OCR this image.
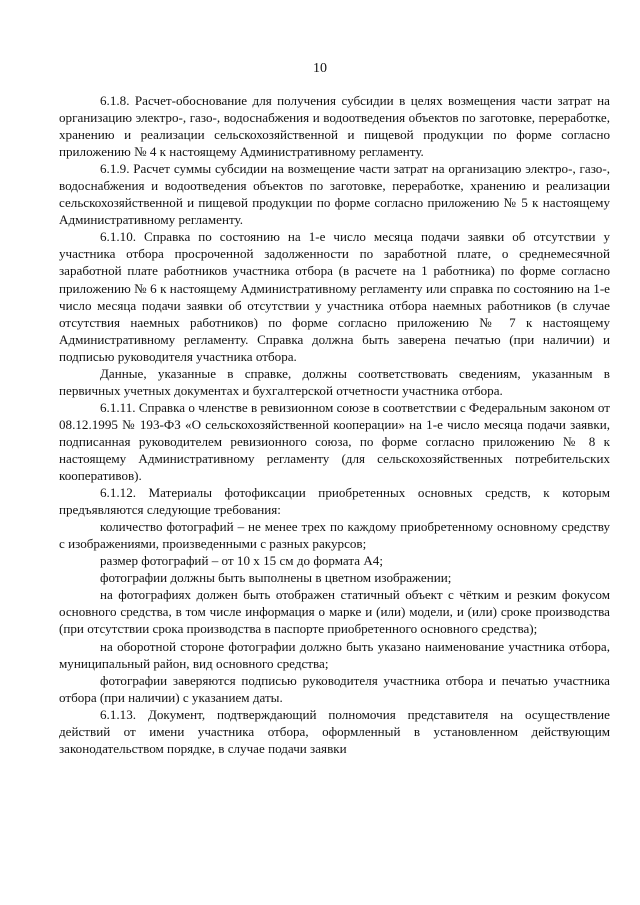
10

6.1.8. Расчет-обоснование для получения субсидии в целях возмещения части затрат на организацию электро-, газо-, водоснабжения и водоотведения объектов по заготовке, переработке, хранению и реализации сельскохозяйственной и пищевой продукции по форме согласно приложению № 4 к настоящему Административному регламенту.

6.1.9. Расчет суммы субсидии на возмещение части затрат на организацию электро-, газо-, водоснабжения и водоотведения объектов по заготовке, переработке, хранению и реализации сельскохозяйственной и пищевой продукции по форме согласно приложению № 5 к настоящему Административному регламенту.

6.1.10. Справка по состоянию на 1-е число месяца подачи заявки об отсутствии у участника отбора просроченной задолженности по заработной плате, о среднемесячной заработной плате работников участника отбора (в расчете на 1 работника) по форме согласно приложению № 6 к настоящему Административному регламенту или справка по состоянию на 1-е число месяца подачи заявки об отсутствии у участника отбора наемных работников (в случае отсутствия наемных работников) по форме согласно приложению № 7 к настоящему Административному регламенту. Справка должна быть заверена печатью (при наличии) и подписью руководителя участника отбора.

Данные, указанные в справке, должны соответствовать сведениям, указанным в первичных учетных документах и бухгалтерской отчетности участника отбора.

6.1.11. Справка о членстве в ревизионном союзе в соответствии с Федеральным законом от 08.12.1995 № 193-ФЗ «О сельскохозяйственной кооперации» на 1-е число месяца подачи заявки, подписанная руководителем ревизионного союза, по форме согласно приложению № 8 к настоящему Административному регламенту (для сельскохозяйственных потребительских кооперативов).

6.1.12. Материалы фотофиксации приобретенных основных средств, к которым предъявляются следующие требования:

количество фотографий – не менее трех по каждому приобретенному основному средству с изображениями, произведенными с разных ракурсов;

размер фотографий – от 10 х 15 см до формата А4;

фотографии должны быть выполнены в цветном изображении;

на фотографиях должен быть отображен статичный объект с чётким и резким фокусом основного средства, в том числе информация о марке и (или) модели, и (или) сроке производства (при отсутствии срока производства в паспорте приобретенного основного средства);

на оборотной стороне фотографии должно быть указано наименование участника отбора, муниципальный район, вид основного средства;

фотографии заверяются подписью руководителя участника отбора и печатью участника отбора (при наличии) с указанием даты.

6.1.13. Документ, подтверждающий полномочия представителя на осуществление действий от имени участника отбора, оформленный в установленном действующим законодательством порядке, в случае подачи заявки
